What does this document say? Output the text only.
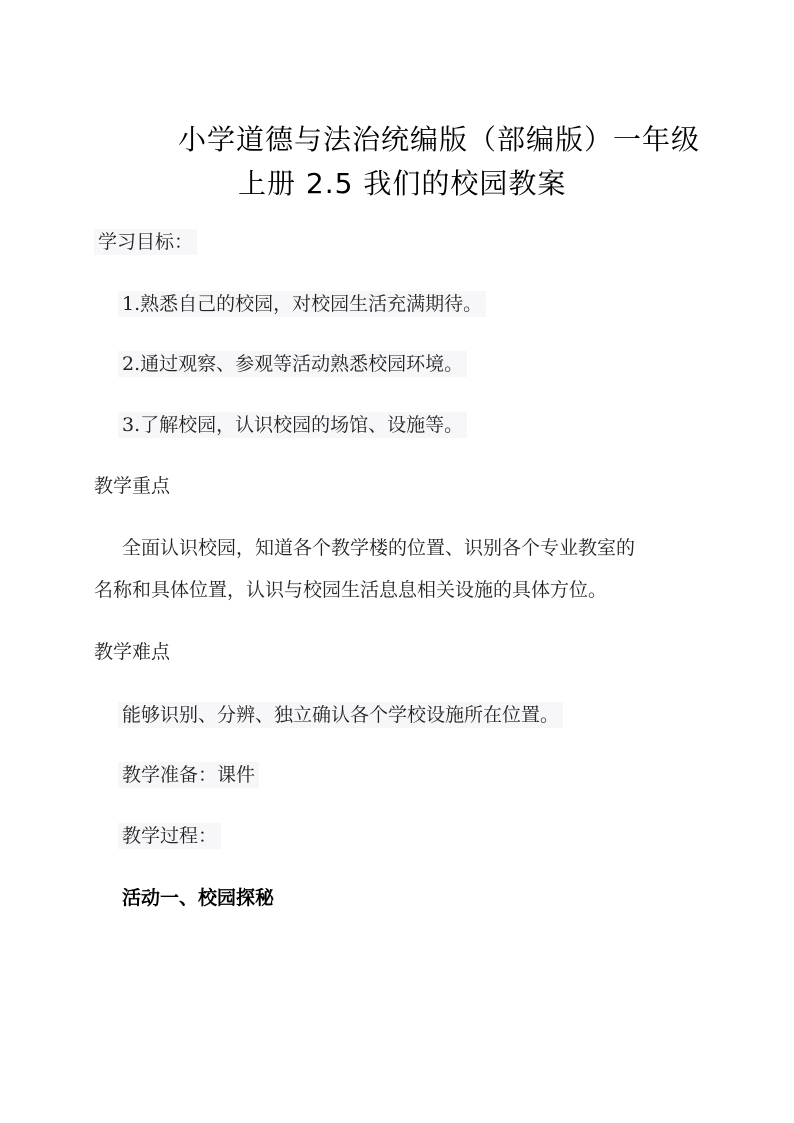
小学道德与法治统编版（部编版）一年级
上册 2.5 我们的校园教案
学习目标：
1.熟悉自己的校园，对校园生活充满期待。
2.通过观察、参观等活动熟悉校园环境。
3.了解校园，认识校园的场馆、设施等。
教学重点
全面认识校园，知道各个教学楼的位置、识别各个专业教室的
名称和具体位置，认识与校园生活息息相关设施的具体方位。
教学难点
能够识别、分辨、独立确认各个学校设施所在位置。
教学准备：课件
教学过程：
活动一、校园探秘
